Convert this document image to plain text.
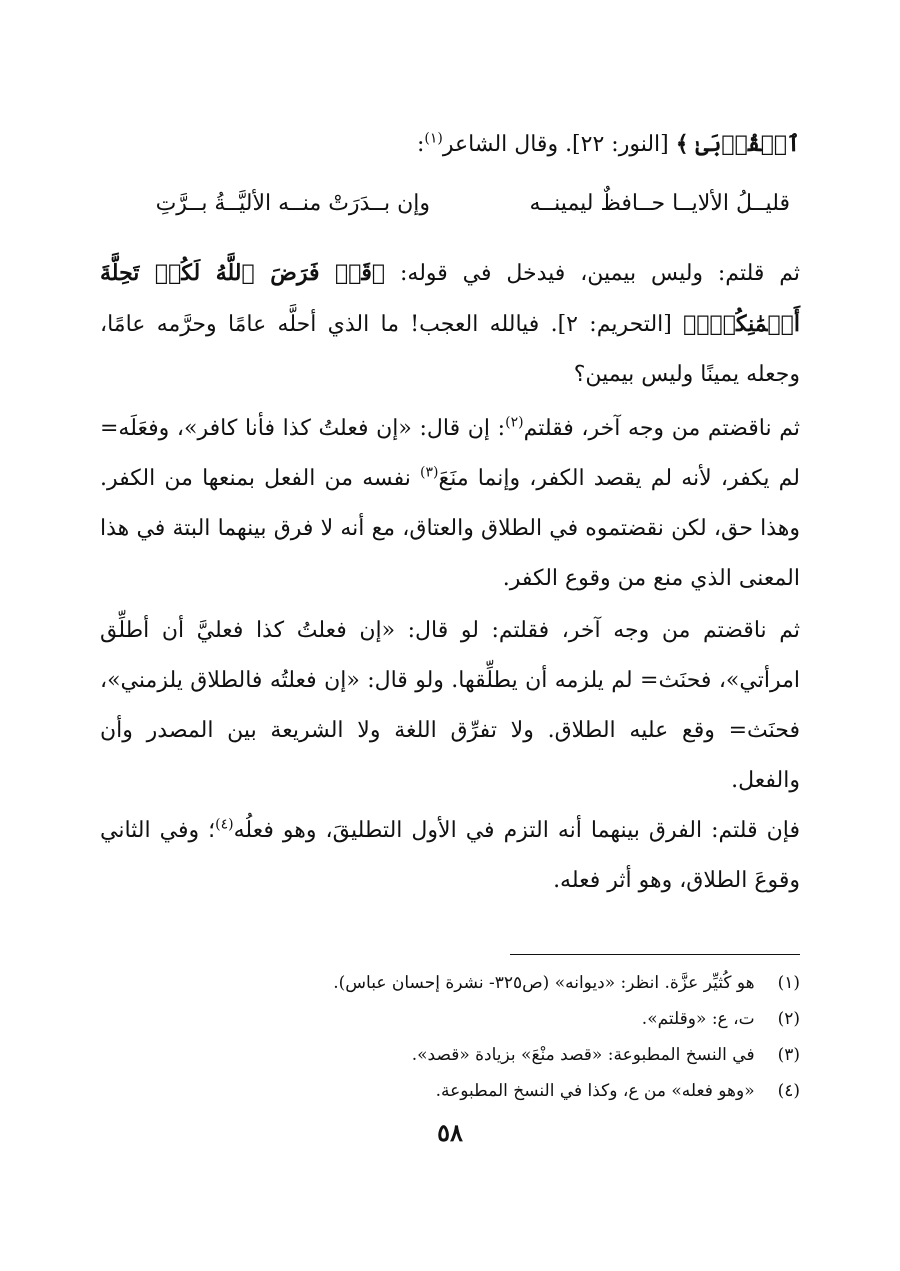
ٱلۡقُرۡبَىٰ ﴾ [النور: ٢٢]. وقال الشاعر$^{(١)}$:
قليــلُ الألايــا حــافظٌ ليمينــه
وإن بــدَرَتْ منــه الأليَّــةُ بــرَّتِ
ثم قلتم: وليس بيمين، فيدخل في قوله: ﴿قَدۡ فَرَضَ ٱللَّهُ لَكُمۡ تَحِلَّةَ أَيۡمَٰنِكُمۡۚ﴾ [التحريم: ٢]. فيالله العجب! ما الذي أحلَّه عامًا وحرَّمه عامًا، وجعله يمينًا وليس بيمين؟
ثم ناقضتم من وجه آخر، فقلتم$^{(٢)}$: إن قال: «إن فعلتُ كذا فأنا كافر»، وفعَلَه= لم يكفر، لأنه لم يقصد الكفر، وإنما منَعَ$^{(٣)}$ نفسه من الفعل بمنعها من الكفر. وهذا حق، لكن نقضتموه في الطلاق والعتاق، مع أنه لا فرق بينهما البتة في هذا المعنى الذي منع من وقوع الكفر.
ثم ناقضتم من وجه آخر، فقلتم: لو قال: «إن فعلتُ كذا فعليَّ أن أطلِّق امرأتي»، فحنَث= لم يلزمه أن يطلِّقها. ولو قال: «إن فعلتُه فالطلاق يلزمني»، فحنَث= وقع عليه الطلاق. ولا تفرِّق اللغة ولا الشريعة بين المصدر وأن والفعل.
فإن قلتم: الفرق بينهما أنه التزم في الأول التطليقَ، وهو فعلُه$^{(٤)}$؛ وفي الثاني وقوعَ الطلاق، وهو أثر فعله.
(١) هو كُثيِّر عزَّة. انظر: «ديوانه» (ص٣٢٥- نشرة إحسان عباس).
(٢) ت، ع: «وقلتم».
(٣) في النسخ المطبوعة: «قصد منْعَ» بزيادة «قصد».
(٤) «وهو فعله» من ع، وكذا في النسخ المطبوعة.
٥٨
